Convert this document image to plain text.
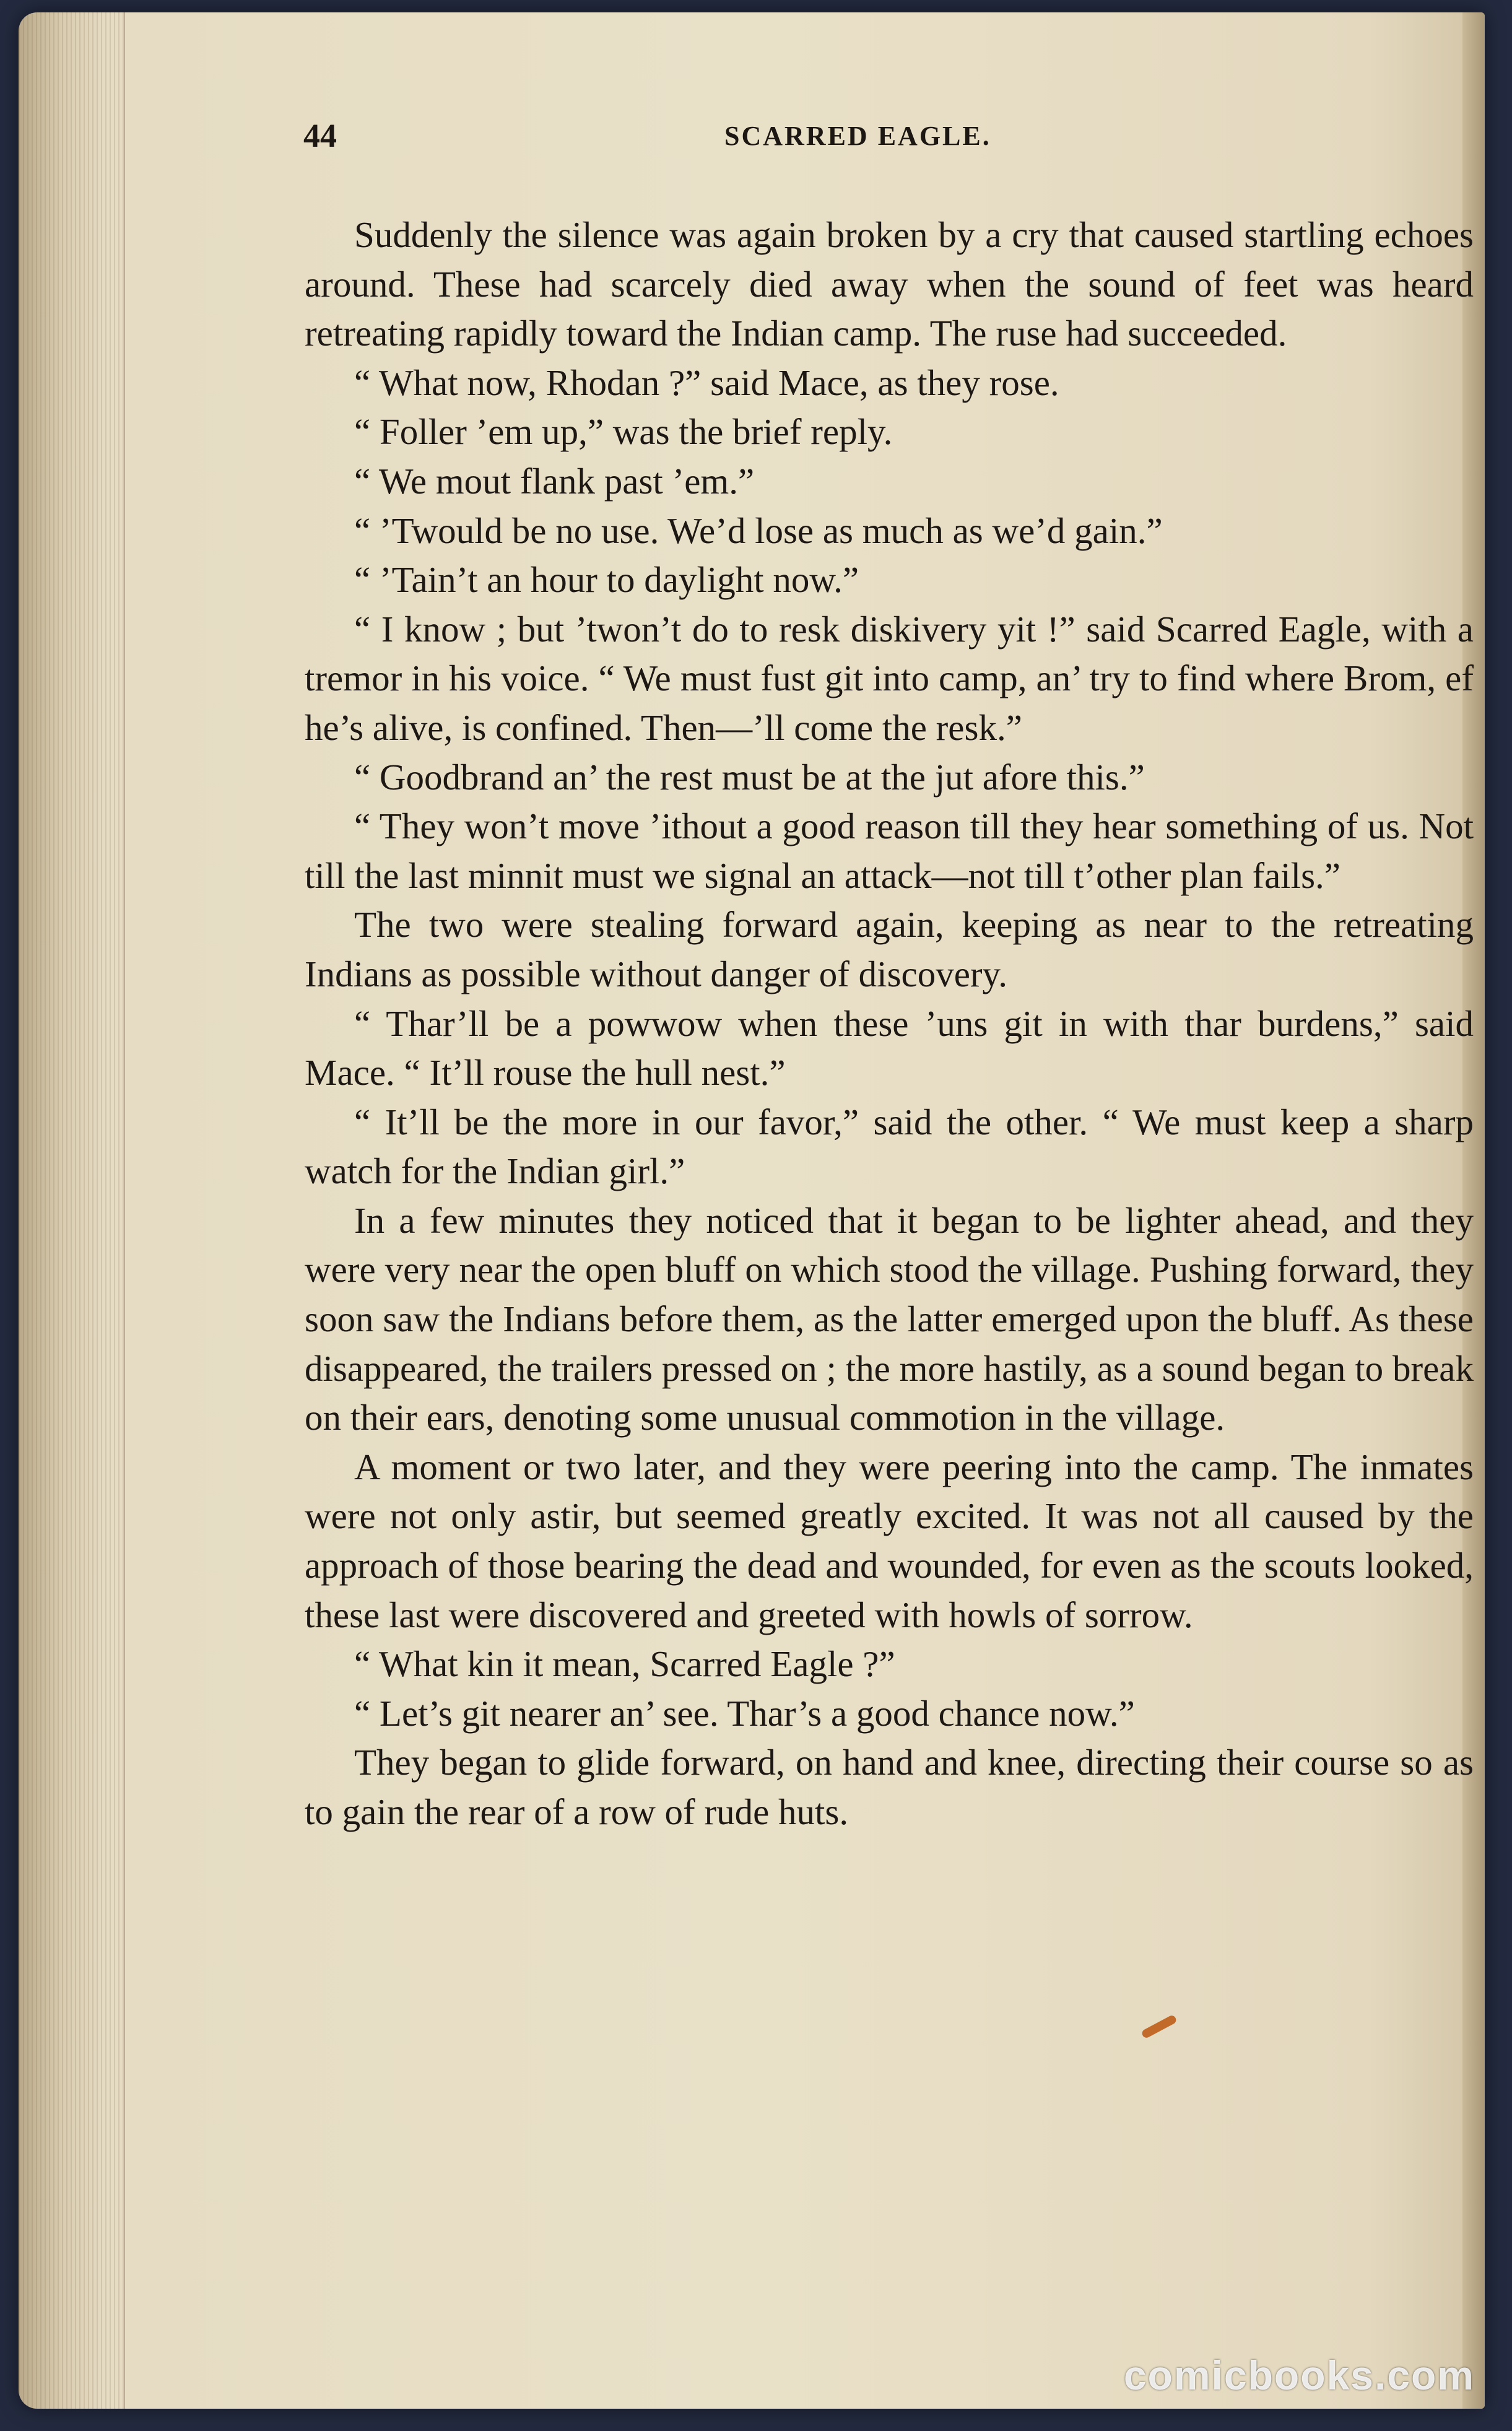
44	SCARRED EAGLE.

Suddenly the silence was again broken by a cry that caused startling echoes around. These had scarcely died away when the sound of feet was heard retreating rapidly toward the Indian camp. The ruse had succeeded.

“ What now, Rhodan ?” said Mace, as they rose.

“ Foller ’em up,” was the brief reply.

“ We mout flank past ’em.”

“ ’Twould be no use. We’d lose as much as we’d gain.”

“ ’Tain’t an hour to daylight now.”

“ I know ; but ’twon’t do to resk diskivery yit !” said Scarred Eagle, with a tremor in his voice. “ We must fust git into camp, an’ try to find where Brom, ef he’s alive, is confined. Then—’ll come the resk.”

“ Goodbrand an’ the rest must be at the jut afore this.”

“ They won’t move ’ithout a good reason till they hear something of us. Not till the last minnit must we signal an attack—not till t’other plan fails.”

The two were stealing forward again, keeping as near to the retreating Indians as possible without danger of discovery.

“ Thar’ll be a powwow when these ’uns git in with thar burdens,” said Mace. “ It’ll rouse the hull nest.”

“ It’ll be the more in our favor,” said the other. “ We must keep a sharp watch for the Indian girl.”

In a few minutes they noticed that it began to be lighter ahead, and they were very near the open bluff on which stood the village. Pushing forward, they soon saw the Indians before them, as the latter emerged upon the bluff. As these disappeared, the trailers pressed on ; the more hastily, as a sound began to break on their ears, denoting some unusual commotion in the village.

A moment or two later, and they were peering into the camp. The inmates were not only astir, but seemed greatly excited. It was not all caused by the approach of those bearing the dead and wounded, for even as the scouts looked, these last were discovered and greeted with howls of sorrow.

“ What kin it mean, Scarred Eagle ?”

“ Let’s git nearer an’ see. Thar’s a good chance now.”

They began to glide forward, on hand and knee, directing their course so as to gain the rear of a row of rude huts.

comicbooks.com
